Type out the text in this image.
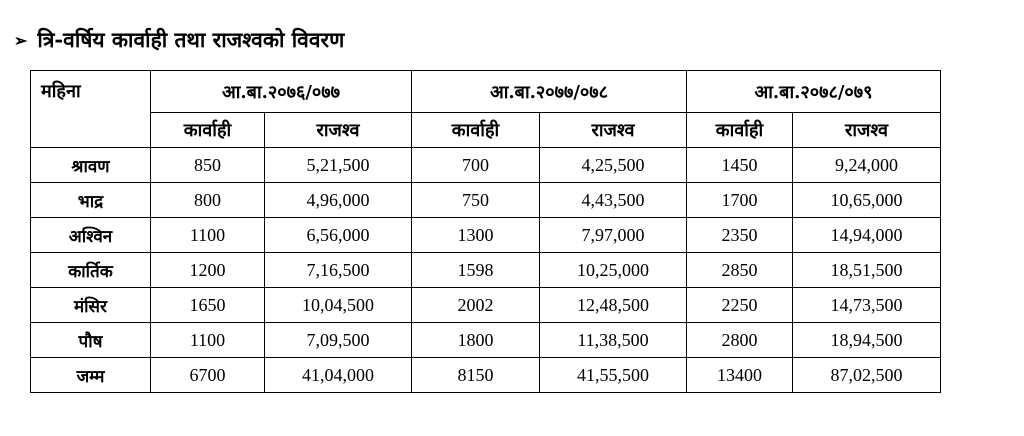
➢ त्रि-वर्षिय कार्वाही तथा राजश्वको विवरण
महिना	आ.बा.२०७६/०७७		आ.बा.२०७७/०७८		आ.बा.२०७८/०७९	
	कार्वाही	राजश्व	कार्वाही	राजश्व	कार्वाही	राजश्व
श्रावण	850	5,21,500	700	4,25,500	1450	9,24,000
भाद्र	800	4,96,000	750	4,43,500	1700	10,65,000
अश्विन	1100	6,56,000	1300	7,97,000	2350	14,94,000
कार्तिक	1200	7,16,500	1598	10,25,000	2850	18,51,500
मंसिर	1650	10,04,500	2002	12,48,500	2250	14,73,500
पौष	1100	7,09,500	1800	11,38,500	2800	18,94,500
जम्म	6700	41,04,000	8150	41,55,500	13400	87,02,500
